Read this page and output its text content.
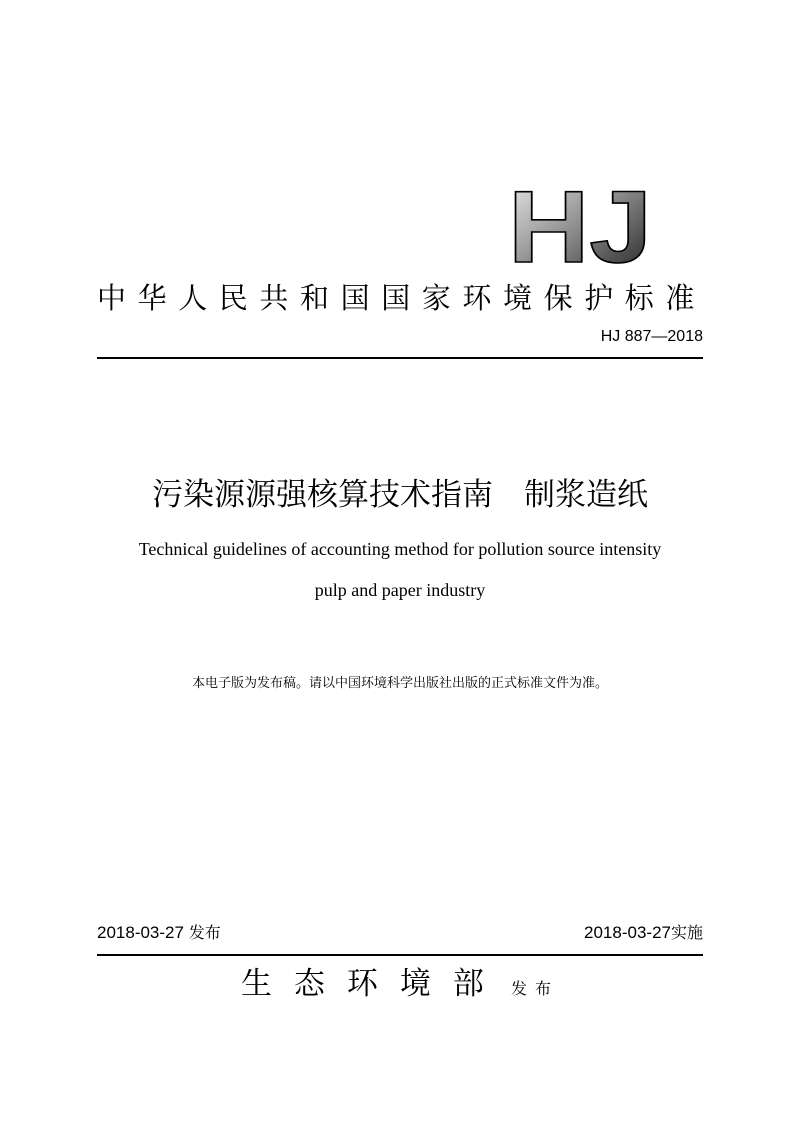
HJ
中华人民共和国国家环境保护标准
HJ 887—2018
污染源源强核算技术指南　制浆造纸
Technical guidelines of accounting method for pollution source intensity
pulp and paper industry
本电子版为发布稿。请以中国环境科学出版社出版的正式标准文件为准。
2018-03-27 发布	2018-03-27实施
生态环境部 发布
